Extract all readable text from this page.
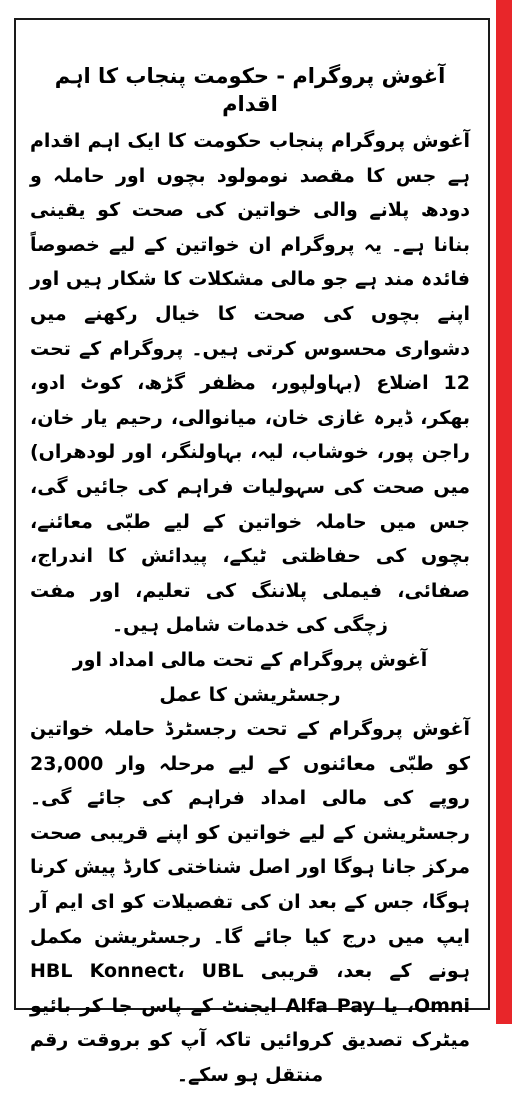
آغوش پروگرام - حکومت پنجاب کا اہم اقدام

آغوش پروگرام پنجاب حکومت کا ایک اہم اقدام ہے جس کا مقصد نومولود بچوں اور حاملہ و دودھ پلانے والی خواتین کی صحت کو یقینی بنانا ہے۔ یہ پروگرام ان خواتین کے لیے خصوصاً فائدہ مند ہے جو مالی مشکلات کا شکار ہیں اور اپنے بچوں کی صحت کا خیال رکھنے میں دشواری محسوس کرتی ہیں۔ پروگرام کے تحت 12 اضلاع (بہاولپور، مظفر گڑھ، کوٹ ادو، بھکر، ڈیرہ غازی خان، میانوالی، رحیم یار خان، راجن پور، خوشاب، لیہ، بہاولنگر، اور لودھراں) میں صحت کی سہولیات فراہم کی جائیں گی، جس میں حاملہ خواتین کے لیے طبّی معائنے، بچوں کی حفاظتی ٹیکے، پیدائش کا اندراج، صفائی، فیملی پلاننگ کی تعلیم، اور مفت زچگی کی خدمات شامل ہیں۔

آغوش پروگرام کے تحت مالی امداد اور رجسٹریشن کا عمل

آغوش پروگرام کے تحت رجسٹرڈ حاملہ خواتین کو طبّی معائنوں کے لیے مرحلہ وار 23,000 روپے کی مالی امداد فراہم کی جائے گی۔ رجسٹریشن کے لیے خواتین کو اپنے قریبی صحت مرکز جانا ہوگا اور اصل شناختی کارڈ پیش کرنا ہوگا، جس کے بعد ان کی تفصیلات کو ای ایم آر ایپ میں درج کیا جائے گا۔ رجسٹریشن مکمل ہونے کے بعد، قریبی HBL Konnect، UBL Omni، یا Alfa Pay ایجنٹ کے پاس جا کر بائیو میٹرک تصدیق کروائیں تاکہ آپ کو بروقت رقم منتقل ہو سکے۔
